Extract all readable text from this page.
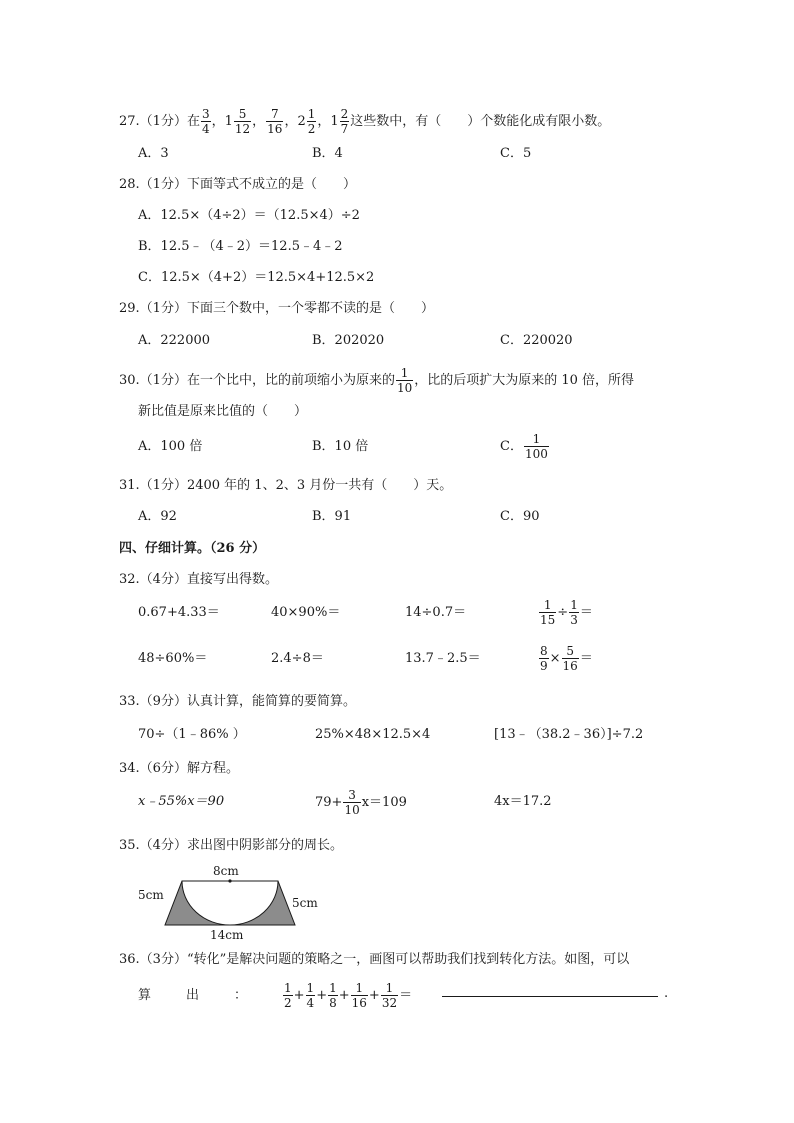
27.（1分）在 $\frac{3}{4}$ ，$1 \frac{5}{12}$ ， $\frac{7}{16}$ ，$2 \frac{1}{2}$ ，$1 \frac{2}{7}$ 这些数中，有（　　）个数能化成有限小数。
A．3	B．4	C．5
28.（1分）下面等式不成立的是（　　）
A．12.5×（4÷2）＝（12.5×4）÷2
B．12.5﹣（4﹣2）＝12.5﹣4﹣2
C．12.5×（4+2）＝12.5×4+12.5×2
29.（1分）下面三个数中，一个零都不读的是（　　）
A．222000	B．202020	C．220020
30.（1分）在一个比中，比的前项缩小为原来的 $\frac{1}{10}$ ，比的后项扩大为原来的 10 倍，所得
新比值是原来比值的（　　）
A．100 倍	B．10 倍	C． $\frac{1}{100}$
31.（1分）2400 年的 1、2、3 月份一共有（　　）天。
A．92	B．91	C．90
四、仔细计算。（26 分）
32.（4分）直接写出得数。
0.67+4.33＝	40×90%＝	14÷0.7＝	$\frac{1}{15} \div \frac{1}{3}$ ＝
48÷60%＝	2.4÷8＝	13.7﹣2.5＝	$\frac{8}{9} \times \frac{5}{16}$ ＝
33.（9分）认真计算，能简算的要简算。
70÷（1﹣86% ）	25%×48×12.5×4	[13﹣（38.2﹣36）]÷7.2
34.（6分）解方程。
x﹣55%x＝90	$79+ \frac{3}{10} x=109$	4x＝17.2
35.（4分）求出图中阴影部分的周长。
8cm
5cm
5cm
14cm
36.（3分）“转化”是解决问题的策略之一，画图可以帮助我们找到转化方法。如图，可以
算	出	：	$\frac{1}{2} + \frac{1}{4} + \frac{1}{8} + \frac{1}{16} + \frac{1}{32}$ ＝	.
